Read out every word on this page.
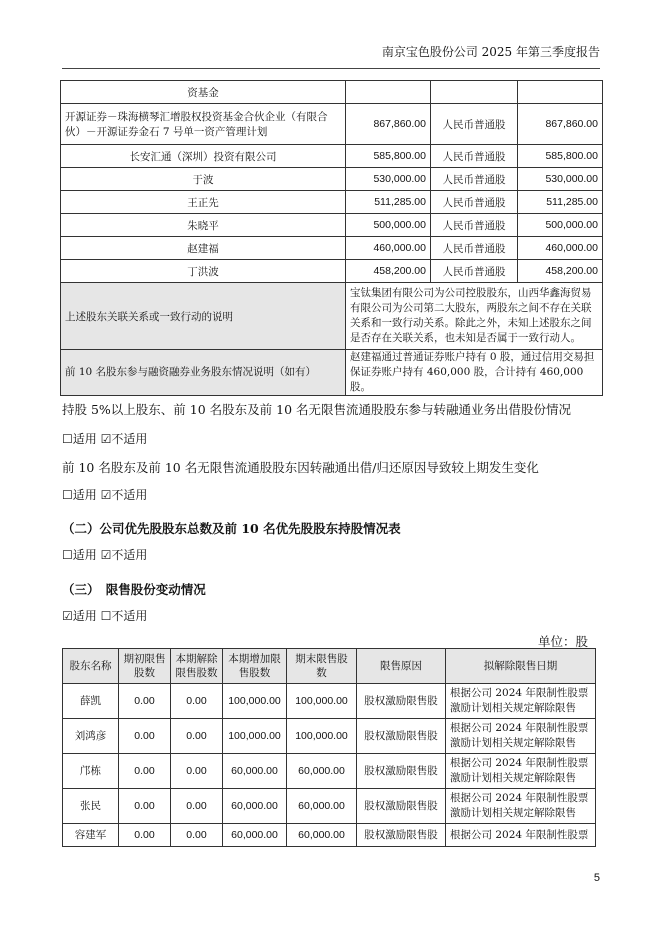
南京宝色股份公司 2025 年第三季度报告
资基金			
开源证券－珠海横琴汇增股权投资基金合伙企业（有限合伙）－开源证券金石 7 号单一资产管理计划	867,860.00	人民币普通股	867,860.00
长安汇通（深圳）投资有限公司	585,800.00	人民币普通股	585,800.00
于波	530,000.00	人民币普通股	530,000.00
王正先	511,285.00	人民币普通股	511,285.00
朱晓平	500,000.00	人民币普通股	500,000.00
赵建福	460,000.00	人民币普通股	460,000.00
丁洪波	458,200.00	人民币普通股	458,200.00
上述股东关联关系或一致行动的说明	宝钛集团有限公司为公司控股股东，山西华鑫海贸易有限公司为公司第二大股东，两股东之间不存在关联关系和一致行动关系。除此之外，未知上述股东之间是否存在关联关系，也未知是否属于一致行动人。		
前 10 名股东参与融资融券业务股东情况说明（如有）	赵建福通过普通证券账户持有 0 股，通过信用交易担保证券账户持有 460,000 股，合计持有 460,000 股。		
持股 5%以上股东、前 10 名股东及前 10 名无限售流通股股东参与转融通业务出借股份情况
☐适用 ☑不适用
前 10 名股东及前 10 名无限售流通股股东因转融通出借/归还原因导致较上期发生变化
☐适用 ☑不适用
（二）公司优先股股东总数及前 10 名优先股股东持股情况表
☐适用 ☑不适用
（三）　限售股份变动情况
☑适用 ☐不适用
单位：股
股东名称	期初限售股数	本期解除限售股数	本期增加限售股数	期末限售股数	限售原因	拟解除限售日期
薛凯	0.00	0.00	100,000.00	100,000.00	股权激励限售股	根据公司 2024 年限制性股票激励计划相关规定解除限售
刘鸿彦	0.00	0.00	100,000.00	100,000.00	股权激励限售股	根据公司 2024 年限制性股票激励计划相关规定解除限售
邝栋	0.00	0.00	60,000.00	60,000.00	股权激励限售股	根据公司 2024 年限制性股票激励计划相关规定解除限售
张民	0.00	0.00	60,000.00	60,000.00	股权激励限售股	根据公司 2024 年限制性股票激励计划相关规定解除限售
容建军	0.00	0.00	60,000.00	60,000.00	股权激励限售股	根据公司 2024 年限制性股票
5
